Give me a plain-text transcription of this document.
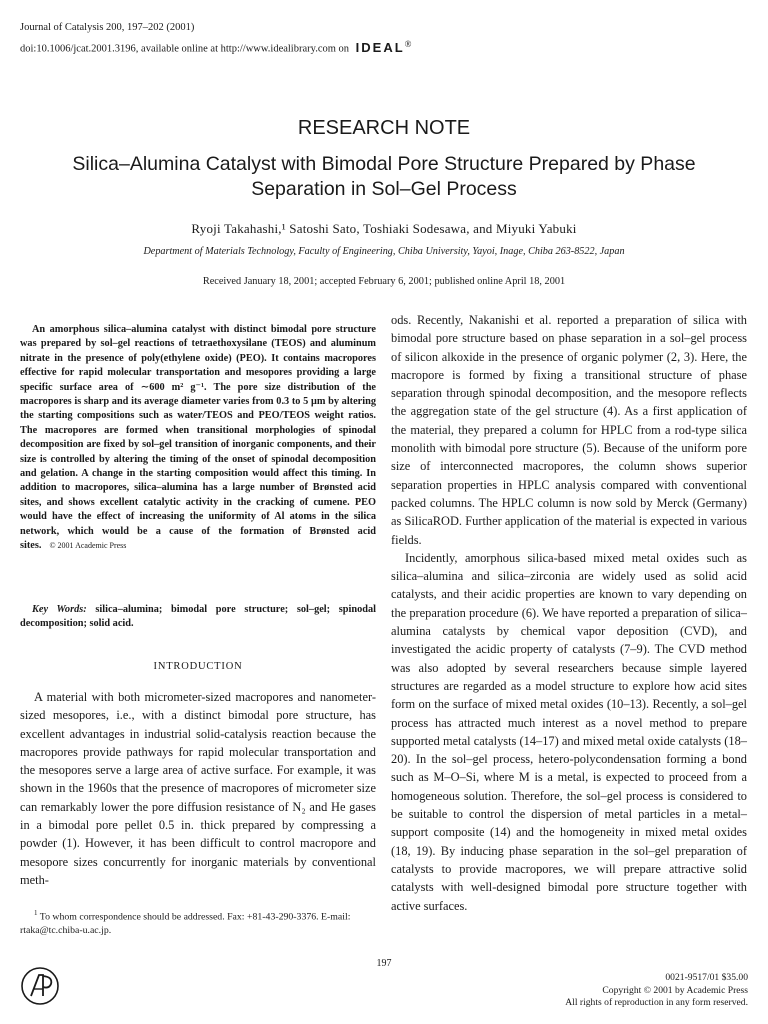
Journal of Catalysis 200, 197–202 (2001)
doi:10.1006/jcat.2001.3196, available online at http://www.idealibrary.com on IDEAL®
RESEARCH NOTE
Silica–Alumina Catalyst with Bimodal Pore Structure Prepared by Phase Separation in Sol–Gel Process
Ryoji Takahashi,¹ Satoshi Sato, Toshiaki Sodesawa, and Miyuki Yabuki
Department of Materials Technology, Faculty of Engineering, Chiba University, Yayoi, Inage, Chiba 263-8522, Japan
Received January 18, 2001; accepted February 6, 2001; published online April 18, 2001
An amorphous silica–alumina catalyst with distinct bimodal pore structure was prepared by sol–gel reactions of tetraethoxysilane (TEOS) and aluminum nitrate in the presence of poly(ethylene oxide) (PEO). It contains macropores effective for rapid molecular transportation and mesopores providing a large specific surface area of ∼600 m² g⁻¹. The pore size distribution of the macropores is sharp and its average diameter varies from 0.3 to 5 μm by altering the starting compositions such as water/TEOS and PEO/TEOS weight ratios. The macropores are formed when transitional morphologies of spinodal decomposition are fixed by sol–gel transition of inorganic components, and their size is controlled by altering the timing of the onset of spinodal decomposition and gelation. A change in the starting composition would affect this timing. In addition to macropores, silica–alumina has a large number of Brønsted acid sites, and shows excellent catalytic activity in the cracking of cumene. PEO would have the effect of increasing the uniformity of Al atoms in the silica network, which would be a cause of the formation of Brønsted acid sites. © 2001 Academic Press
Key Words: silica–alumina; bimodal pore structure; sol–gel; spinodal decomposition; solid acid.
INTRODUCTION

A material with both micrometer-sized macropores and nanometer-sized mesopores, i.e., with a distinct bimodal pore structure, has excellent advantages in industrial solid-catalysis reaction because the macropores provide pathways for rapid molecular transportation and the mesopores serve a large area of active surface. For example, it was shown in the 1960s that the presence of macropores of micrometer size can remarkably lower the pore diffusion resistance of N₂ and He gases in a bimodal pore pellet 0.5 in. thick prepared by compressing a powder (1). However, it has been difficult to control macropore and mesopore sizes concurrently for inorganic materials by conventional meth-

ods. Recently, Nakanishi et al. reported a preparation of silica with bimodal pore structure based on phase separation in a sol–gel process of silicon alkoxide in the presence of organic polymer (2, 3). Here, the macropore is formed by fixing a transitional structure of phase separation through spinodal decomposition, and the mesopore reflects the aggregation state of the gel structure (4). As a first application of the material, they prepared a column for HPLC from a rod-type silica monolith with bimodal pore structure (5). Because of the uniform pore size of interconnected macropores, the column shows superior separation properties in HPLC analysis compared with conventional packed columns. The HPLC column is now sold by Merck (Germany) as SilicaROD. Further application of the material is expected in various fields.

Incidently, amorphous silica-based mixed metal oxides such as silica–alumina and silica–zirconia are widely used as solid acid catalysts, and their acidic properties are known to vary depending on the preparation procedure (6). We have reported a preparation of silica–alumina catalysts by chemical vapor deposition (CVD), and investigated the acidic property of catalysts (7–9). The CVD method was also adopted by several researchers because simple layered structures are regarded as a model structure to explore how acid sites form on the surface of mixed metal oxides (10–13). Recently, a sol–gel process has attracted much interest as a novel method to prepare supported metal catalysts (14–17) and mixed metal oxide catalysts (18–20). In the sol–gel process, hetero-polycondensation forming a bond such as M–O–Si, where M is a metal, is expected to proceed from a homogeneous solution. Therefore, the sol–gel process is considered to be suitable to control the dispersion of metal particles in a metal–support composite (14) and the homogeneity in mixed metal oxides (18, 19). By inducing phase separation in the sol–gel preparation of catalysts to provide macropores, we will prepare attractive solid catalysts with well-designed bimodal pore structure together with active surfaces.

$^1$ To whom correspondence should be addressed. Fax: +81-43-290-3376. E-mail: rtaka@tc.chiba-u.ac.jp.
197
0021-9517/01 $35.00
Copyright © 2001 by Academic Press
All rights of reproduction in any form reserved.
